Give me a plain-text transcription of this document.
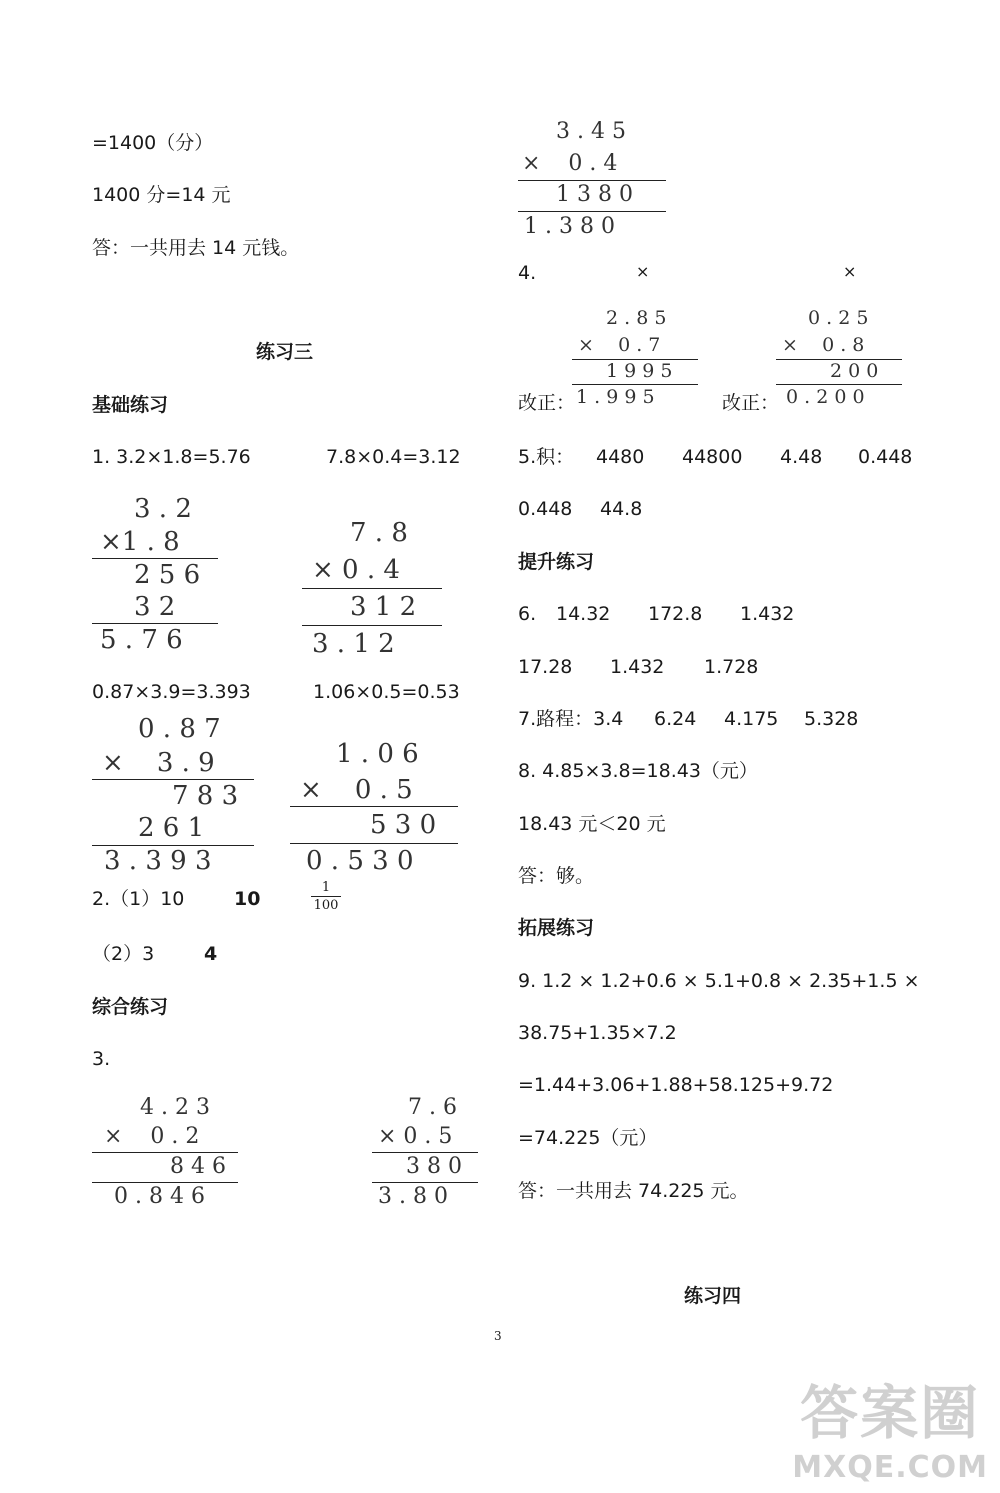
=1400（分）
1400 分=14 元
答：一共用去 14 元钱。
练习三
基础练习
1. 3.2×1.8=5.76	7.8×0.4=3.12
3 . 2
×1 . 8
2 5 6
3 2
5 . 7 6
7 . 8
× 0 . 4
3 1 2
3 . 1 2
0.87×3.9=3.393	1.06×0.5=0.53
0 . 8 7
×    3 . 9
7 8 3
2 6 1
3 . 3 9 3
1 . 0 6
×    0 . 5
5 3 0
0 . 5 3 0
2.（1）10	10	$\frac{1}{100}$
（2）3	4
综合练习
3.
4 . 2 3
×    0 . 2
8 4 6
0 . 8 4 6
7 . 6
× 0 . 5
3 8 0
3 . 8 0
3 . 4 5
×    0 . 4
1 3 8 0
1 . 3 8 0
4.	×	×
2 . 8 5
×    0 . 7
1 9 9 5
1 . 9 9 5
0 . 2 5
×    0 . 8
2 0 0
0 . 2 0 0
改正：	改正：
5.积： 4480 44800 4.48 0.448
0.448 44.8
提升练习
6. 14.32 172.8 1.432
17.28 1.432 1.728
7.路程：3.4 6.24 4.175 5.328
8. 4.85×3.8=18.43（元）
18.43 元＜20 元
答：够。
拓展练习
9. 1.2 × 1.2+0.6 × 5.1+0.8 × 2.35+1.5 ×
38.75+1.35×7.2
=1.44+3.06+1.88+58.125+9.72
=74.225（元）
答：一共用去 74.225 元。
练习四
3
答案圈
MXQE.COM
